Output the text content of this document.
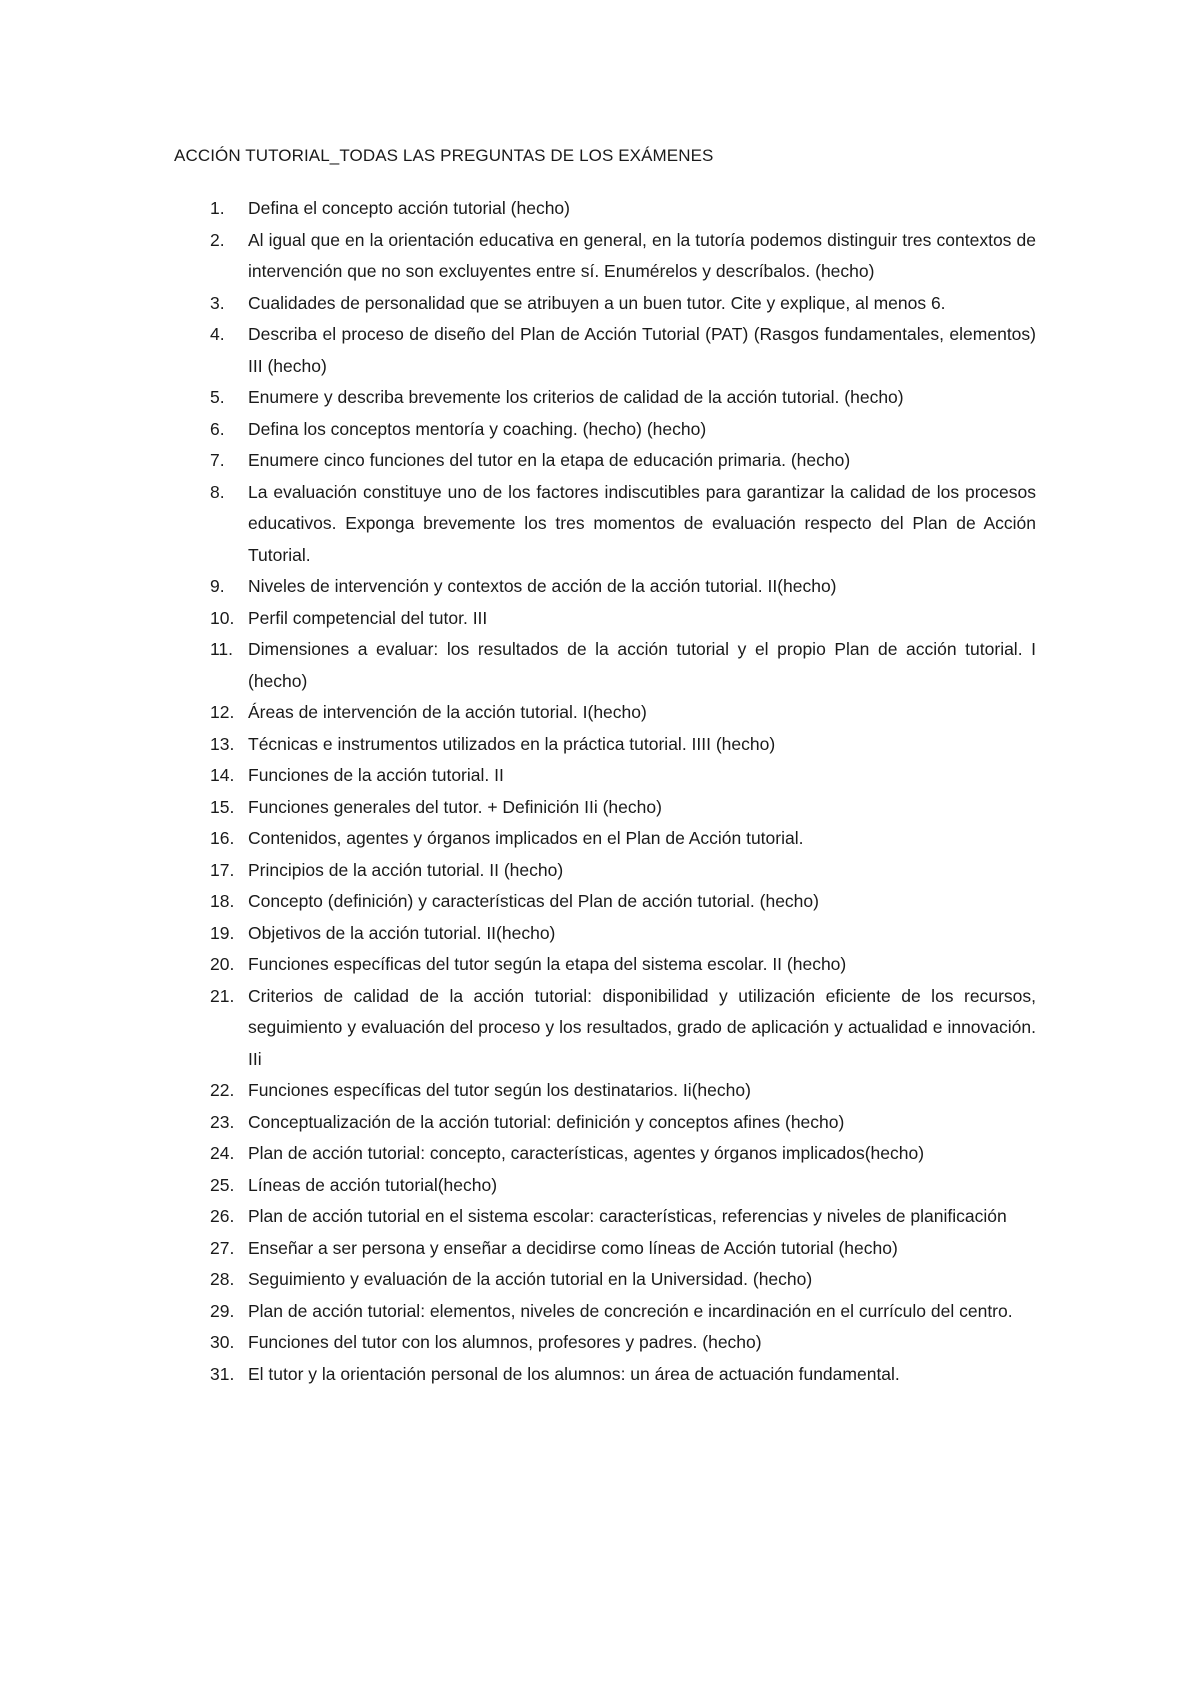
ACCIÓN TUTORIAL_TODAS LAS PREGUNTAS DE LOS EXÁMENES
1. Defina el concepto acción tutorial (hecho)
2. Al igual que en la orientación educativa en general, en la tutoría podemos distinguir tres contextos de intervención que no son excluyentes entre sí. Enumérelos y descríbalos. (hecho)
3. Cualidades de personalidad que se atribuyen a un buen tutor. Cite y explique, al menos 6.
4. Describa el proceso de diseño del Plan de Acción Tutorial (PAT) (Rasgos fundamentales, elementos) III (hecho)
5. Enumere y describa brevemente los criterios de calidad de la acción tutorial. (hecho)
6. Defina los conceptos mentoría y coaching. (hecho) (hecho)
7. Enumere cinco funciones del tutor en la etapa de educación primaria. (hecho)
8. La evaluación constituye uno de los factores indiscutibles para garantizar la calidad de los procesos educativos. Exponga brevemente los tres momentos de evaluación respecto del Plan de Acción Tutorial.
9. Niveles de intervención y contextos de acción de la acción tutorial. II(hecho)
10. Perfil competencial del tutor. III
11. Dimensiones a evaluar: los resultados de la acción tutorial y el propio Plan de acción tutorial. I (hecho)
12. Áreas de intervención de la acción tutorial. I(hecho)
13. Técnicas e instrumentos utilizados en la práctica tutorial. IIII (hecho)
14. Funciones de la acción tutorial. II
15. Funciones generales del tutor. + Definición IIi (hecho)
16. Contenidos, agentes y órganos implicados en el Plan de Acción tutorial.
17. Principios de la acción tutorial. II (hecho)
18. Concepto (definición) y características del Plan de acción tutorial. (hecho)
19. Objetivos de la acción tutorial. II(hecho)
20. Funciones específicas del tutor según la etapa del sistema escolar. II (hecho)
21. Criterios de calidad de la acción tutorial: disponibilidad y utilización eficiente de los recursos, seguimiento y evaluación del proceso y los resultados, grado de aplicación y actualidad e innovación. IIi
22. Funciones específicas del tutor según los destinatarios. Ii(hecho)
23. Conceptualización de la acción tutorial: definición y conceptos afines (hecho)
24. Plan de acción tutorial: concepto, características, agentes y órganos implicados(hecho)
25. Líneas de acción tutorial(hecho)
26. Plan de acción tutorial en el sistema escolar: características, referencias y niveles de planificación
27. Enseñar a ser persona y enseñar a decidirse como líneas de Acción tutorial (hecho)
28. Seguimiento y evaluación de la acción tutorial en la Universidad. (hecho)
29. Plan de acción tutorial: elementos, niveles de concreción e incardinación en el currículo del centro.
30. Funciones del tutor con los alumnos, profesores y padres. (hecho)
31. El tutor y la orientación personal de los alumnos: un área de actuación fundamental.
